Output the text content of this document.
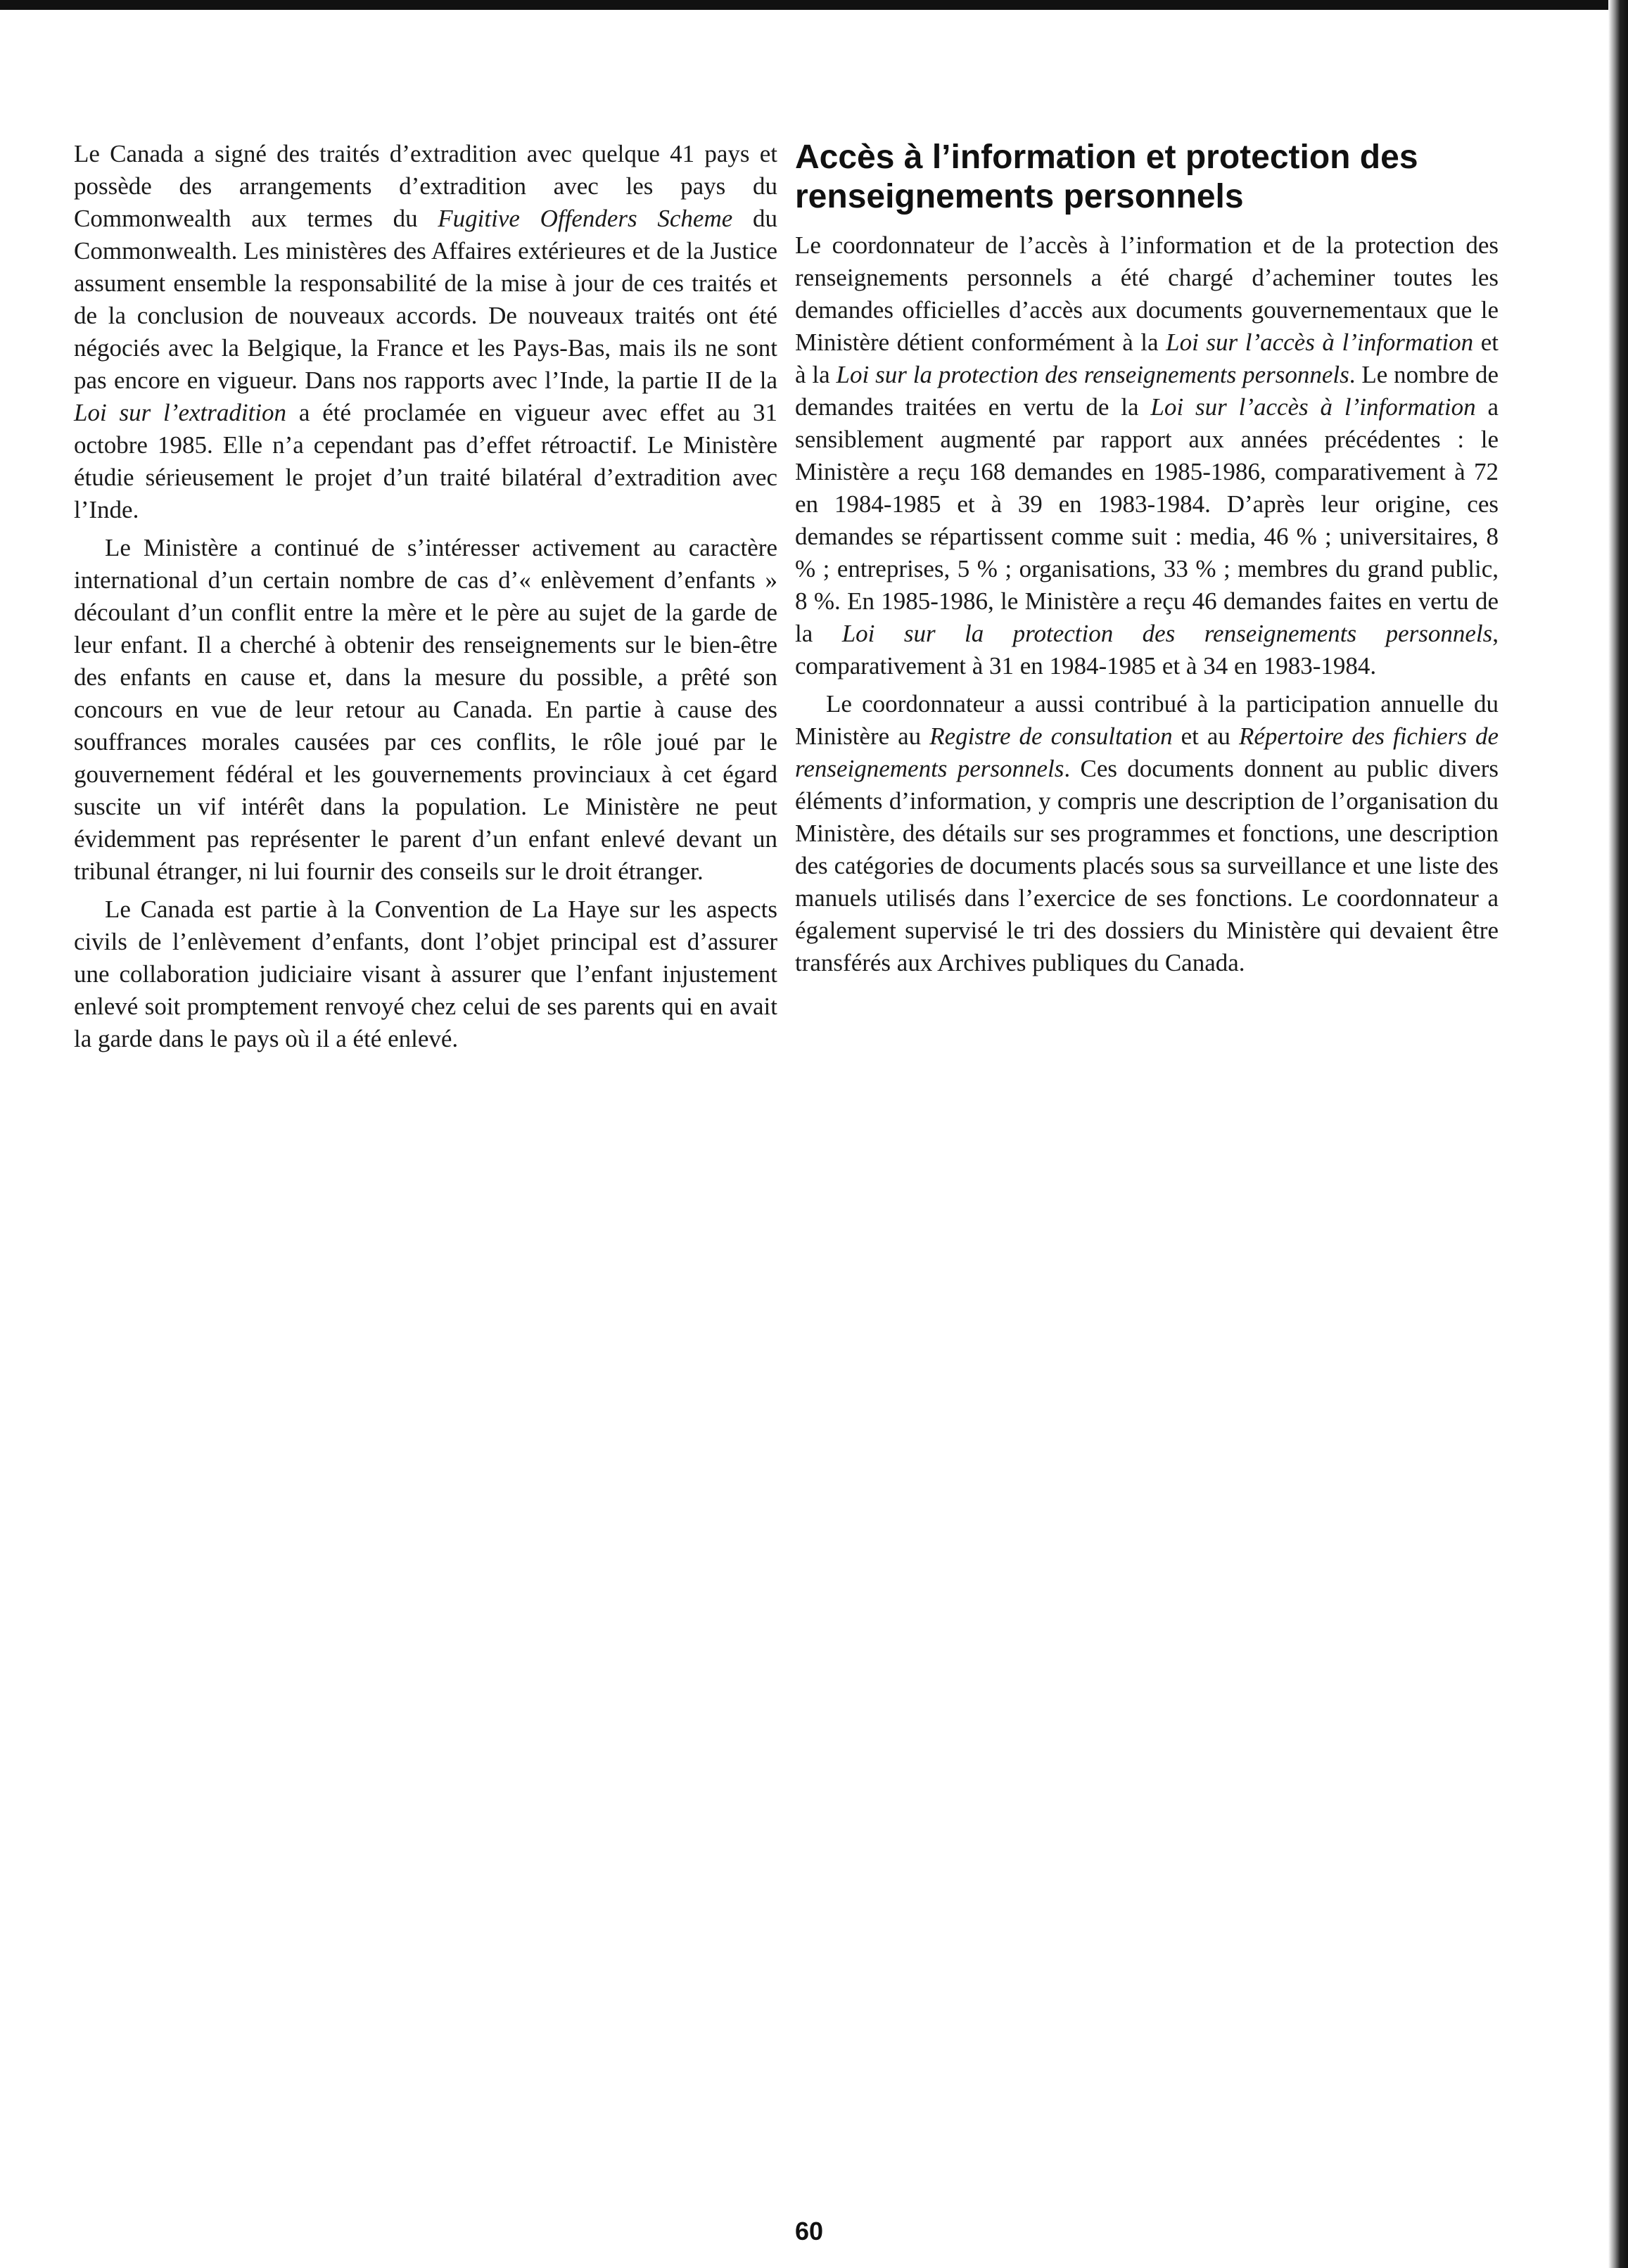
Le Canada a signé des traités d’extradition avec quelque 41 pays et possède des arrangements d’extradition avec les pays du Commonwealth aux termes du Fugitive Offenders Scheme du Commonwealth. Les ministères des Affaires extérieures et de la Justice assument ensemble la responsabilité de la mise à jour de ces traités et de la conclusion de nouveaux accords. De nouveaux traités ont été négociés avec la Belgique, la France et les Pays-Bas, mais ils ne sont pas encore en vigueur. Dans nos rapports avec l’Inde, la partie II de la Loi sur l’extradition a été proclamée en vigueur avec effet au 31 octobre 1985. Elle n’a cependant pas d’effet rétroactif. Le Ministère étudie sérieusement le projet d’un traité bilatéral d’extradition avec l’Inde.

Le Ministère a continué de s’intéresser activement au caractère international d’un certain nombre de cas d’« enlèvement d’enfants » découlant d’un conflit entre la mère et le père au sujet de la garde de leur enfant. Il a cherché à obtenir des renseignements sur le bien-être des enfants en cause et, dans la mesure du possible, a prêté son concours en vue de leur retour au Canada. En partie à cause des souffrances morales causées par ces conflits, le rôle joué par le gouvernement fédéral et les gouvernements provinciaux à cet égard suscite un vif intérêt dans la population. Le Ministère ne peut évidemment pas représenter le parent d’un enfant enlevé devant un tribunal étranger, ni lui fournir des conseils sur le droit étranger.

Le Canada est partie à la Convention de La Haye sur les aspects civils de l’enlèvement d’enfants, dont l’objet principal est d’assurer une collaboration judiciaire visant à assurer que l’enfant injustement enlevé soit promptement renvoyé chez celui de ses parents qui en avait la garde dans le pays où il a été enlevé.

Accès à l’information et protection des renseignements personnels

Le coordonnateur de l’accès à l’information et de la protection des renseignements personnels a été chargé d’acheminer toutes les demandes officielles d’accès aux documents gouvernementaux que le Ministère détient conformément à la Loi sur l’accès à l’information et à la Loi sur la protection des renseignements personnels. Le nombre de demandes traitées en vertu de la Loi sur l’accès à l’information a sensiblement augmenté par rapport aux années précédentes : le Ministère a reçu 168 demandes en 1985-1986, comparativement à 72 en 1984-1985 et à 39 en 1983-1984. D’après leur origine, ces demandes se répartissent comme suit : media, 46 % ; universitaires, 8 % ; entreprises, 5 % ; organisations, 33 % ; membres du grand public, 8 %. En 1985-1986, le Ministère a reçu 46 demandes faites en vertu de la Loi sur la protection des renseignements personnels, comparativement à 31 en 1984-1985 et à 34 en 1983-1984.

Le coordonnateur a aussi contribué à la participation annuelle du Ministère au Registre de consultation et au Répertoire des fichiers de renseignements personnels. Ces documents donnent au public divers éléments d’information, y compris une description de l’organisation du Ministère, des détails sur ses programmes et fonctions, une description des catégories de documents placés sous sa surveillance et une liste des manuels utilisés dans l’exercice de ses fonctions. Le coordonnateur a également supervisé le tri des dossiers du Ministère qui devaient être transférés aux Archives publiques du Canada.

60
